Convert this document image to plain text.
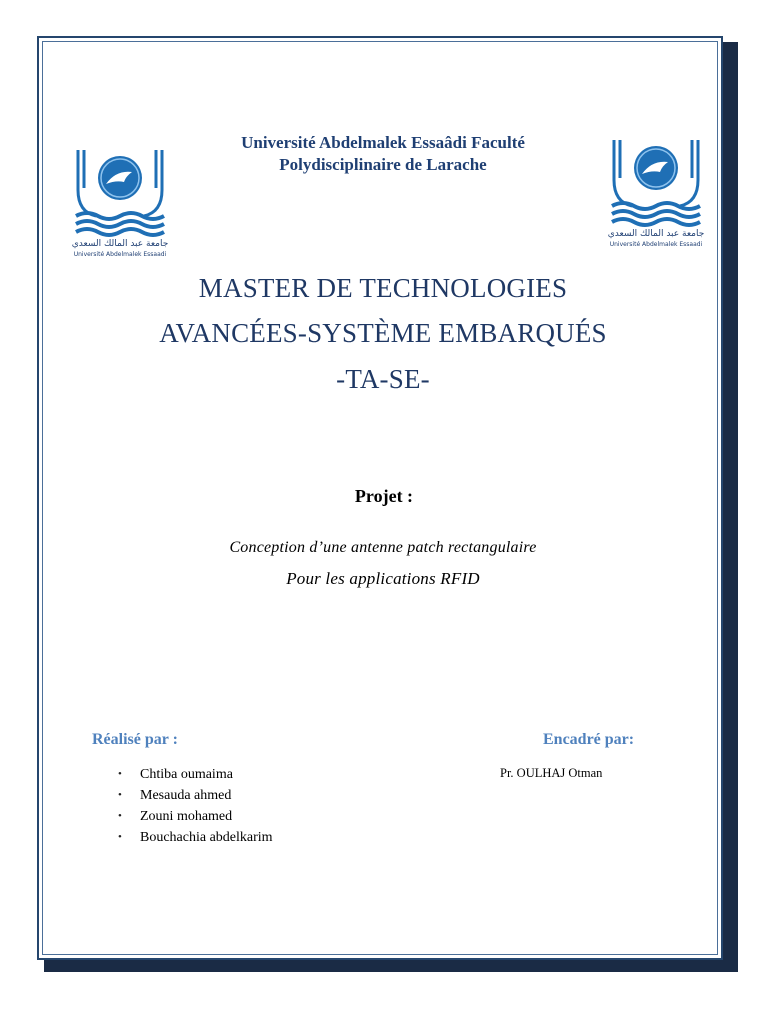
جامعة عبد المالك السعدي
Université Abdelmalek Essaadi
جامعة عبد المالك السعدي
Université Abdelmalek Essaadi
Université Abdelmalek Essaâdi Faculté
Polydisciplinaire de Larache
MASTER DE TECHNOLOGIES
AVANCÉES-SYSTÈME EMBARQUÉS
-TA-SE-
Projet :
Conception d’une antenne patch rectangulaire
Pour les applications RFID
Réalisé par :	Encadré par:
•	Chtiba oumaima
•	Mesauda ahmed
•	Zouni mohamed
•	Bouchachia abdelkarim
Pr. OULHAJ Otman
